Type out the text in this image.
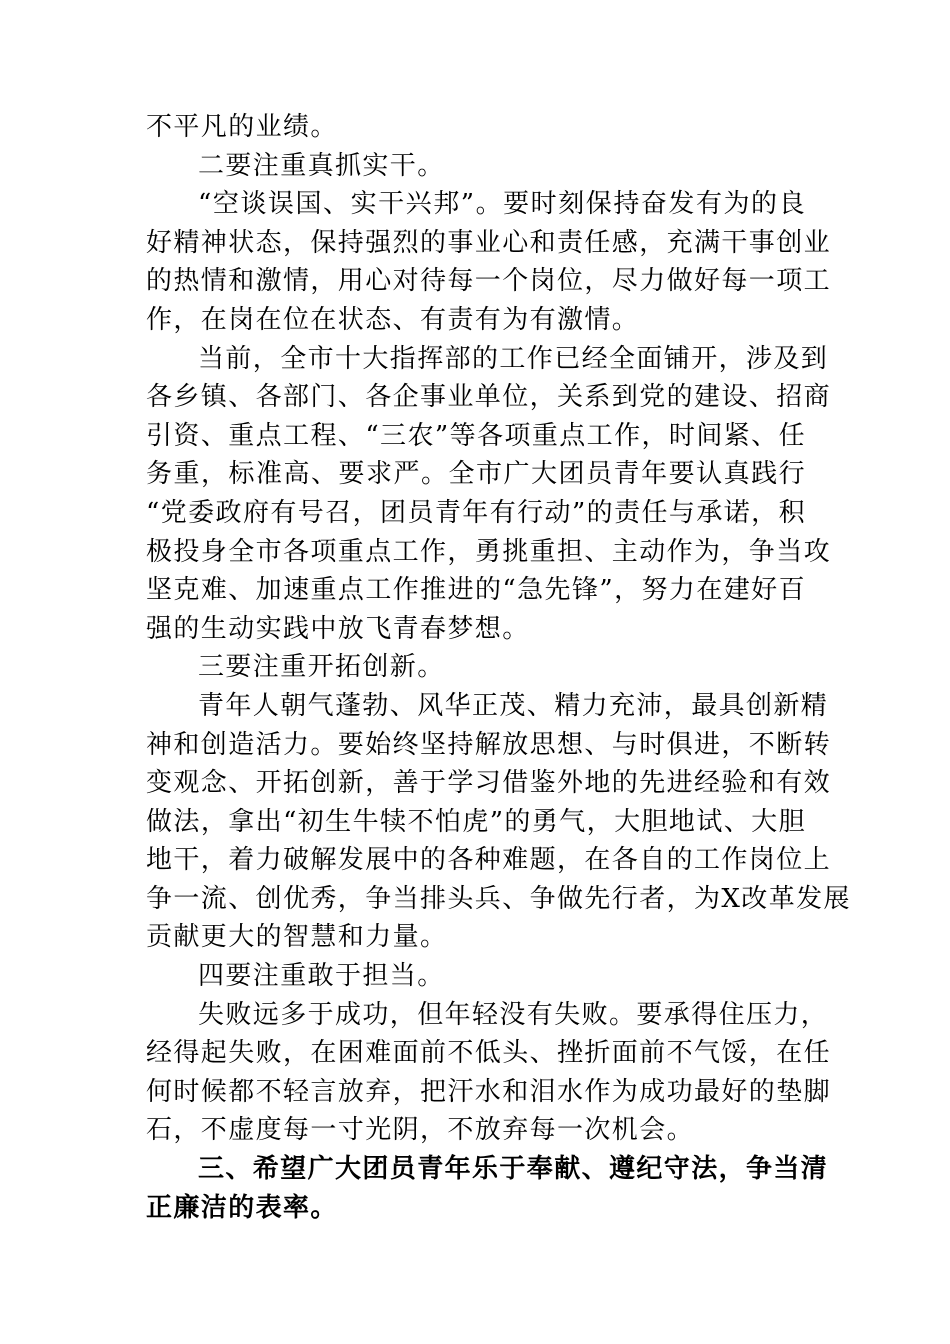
不平凡的业绩。
二要注重真抓实干。
“空谈误国、实干兴邦”。要时刻保持奋发有为的良
好精神状态，保持强烈的事业心和责任感，充满干事创业
的热情和激情，用心对待每一个岗位，尽力做好每一项工
作，在岗在位在状态、有责有为有激情。
当前，全市十大指挥部的工作已经全面铺开，涉及到
各乡镇、各部门、各企事业单位，关系到党的建设、招商
引资、重点工程、“三农”等各项重点工作，时间紧、任
务重，标准高、要求严。全市广大团员青年要认真践行
“党委政府有号召，团员青年有行动”的责任与承诺，积
极投身全市各项重点工作，勇挑重担、主动作为，争当攻
坚克难、加速重点工作推进的“急先锋”，努力在建好百
强的生动实践中放飞青春梦想。
三要注重开拓创新。
青年人朝气蓬勃、风华正茂、精力充沛，最具创新精
神和创造活力。要始终坚持解放思想、与时俱进，不断转
变观念、开拓创新，善于学习借鉴外地的先进经验和有效
做法，拿出“初生牛犊不怕虎”的勇气，大胆地试、大胆
地干，着力破解发展中的各种难题，在各自的工作岗位上
争一流、创优秀，争当排头兵、争做先行者，为X改革发展
贡献更大的智慧和力量。
四要注重敢于担当。
失败远多于成功，但年轻没有失败。要承得住压力，
经得起失败，在困难面前不低头、挫折面前不气馁，在任
何时候都不轻言放弃，把汗水和泪水作为成功最好的垫脚
石，不虚度每一寸光阴，不放弃每一次机会。
三、希望广大团员青年乐于奉献、遵纪守法，争当清
正廉洁的表率。
